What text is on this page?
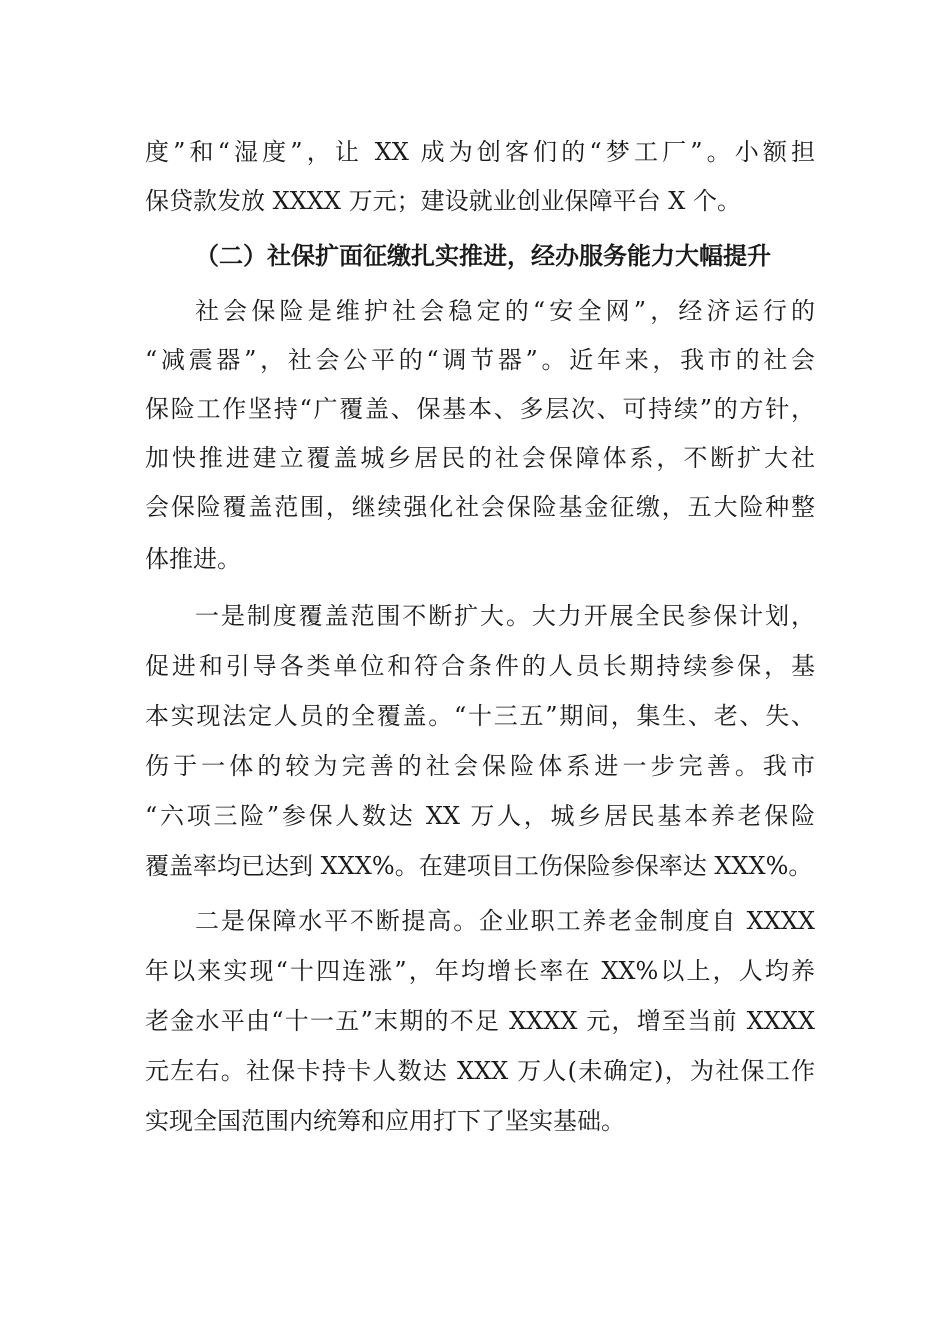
度”和“湿度”，让 XX 成为创客们的“梦工厂”。小额担
保贷款发放 XXXX 万元；建设就业创业保障平台 X 个。
（二）社保扩面征缴扎实推进，经办服务能力大幅提升
社会保险是维护社会稳定的“安全网”，经济运行的
“减震器”，社会公平的“调节器”。近年来，我市的社会
保险工作坚持“广覆盖、保基本、多层次、可持续”的方针，
加快推进建立覆盖城乡居民的社会保障体系，不断扩大社
会保险覆盖范围，继续强化社会保险基金征缴，五大险种整
体推进。
一是制度覆盖范围不断扩大。大力开展全民参保计划，
促进和引导各类单位和符合条件的人员长期持续参保，基
本实现法定人员的全覆盖。“十三五”期间，集生、老、失、
伤于一体的较为完善的社会保险体系进一步完善。我市
“六项三险”参保人数达 XX 万人，城乡居民基本养老保险
覆盖率均已达到 XXX%。在建项目工伤保险参保率达 XXX%。
二是保障水平不断提高。企业职工养老金制度自 XXXX
年以来实现“十四连涨”，年均增长率在 XX%以上，人均养
老金水平由“十一五”末期的不足 XXXX 元，增至当前 XXXX
元左右。社保卡持卡人数达 XXX 万人(未确定)，为社保工作
实现全国范围内统筹和应用打下了坚实基础。
